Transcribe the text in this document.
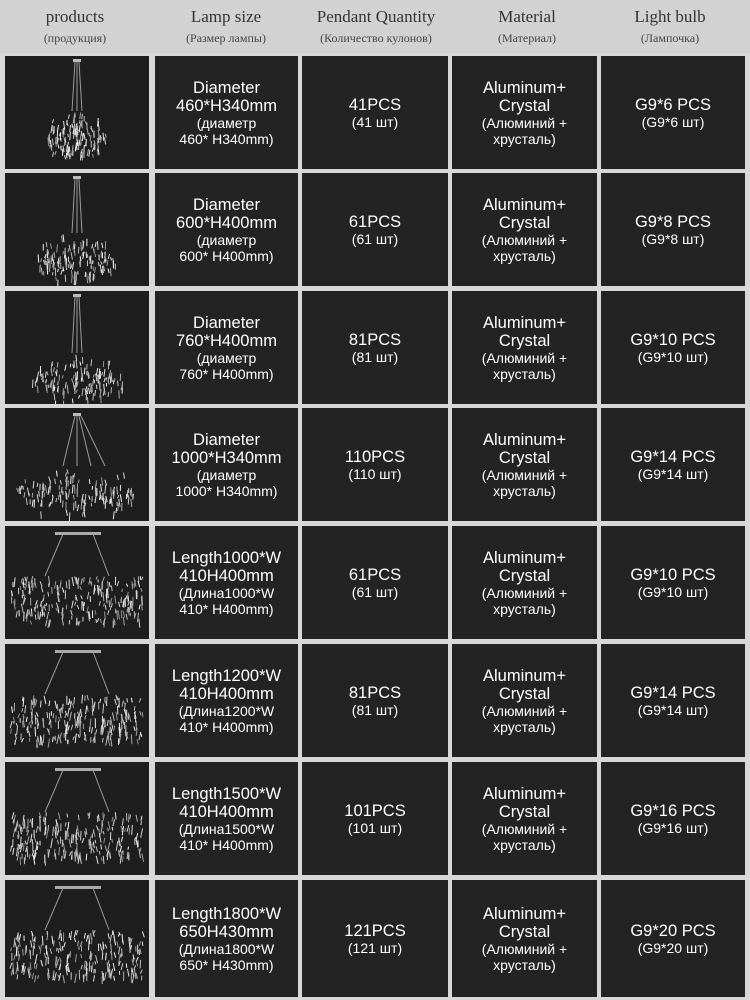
products
(продукция)
Lamp size
(Размер лампы)
Pendant Quantity
(Количество кулонов)
Material
(Материал)
Light bulb
(Лампочка)
Diameter
460*H340mm
(диаметр
460* H340mm)
41PCS
(41 шт)
Aluminum+
Crystal
(Алюминий +
хрусталь)
G9*6 PCS
(G9*6 шт)
Diameter
600*H400mm
(диаметр
600* H400mm)
61PCS
(61 шт)
Aluminum+
Crystal
(Алюминий +
хрусталь)
G9*8 PCS
(G9*8 шт)
Diameter
760*H400mm
(диаметр
760* H400mm)
81PCS
(81 шт)
Aluminum+
Crystal
(Алюминий +
хрусталь)
G9*10 PCS
(G9*10 шт)
Diameter
1000*H340mm
(диаметр
1000* H340mm)
110PCS
(110 шт)
Aluminum+
Crystal
(Алюминий +
хрусталь)
G9*14 PCS
(G9*14 шт)
Length1000*W
410H400mm
(Длина1000*W
410* H400mm)
61PCS
(61 шт)
Aluminum+
Crystal
(Алюминий +
хрусталь)
G9*10 PCS
(G9*10 шт)
Length1200*W
410H400mm
(Длина1200*W
410* H400mm)
81PCS
(81 шт)
Aluminum+
Crystal
(Алюминий +
хрусталь)
G9*14 PCS
(G9*14 шт)
Length1500*W
410H400mm
(Длина1500*W
410* H400mm)
101PCS
(101 шт)
Aluminum+
Crystal
(Алюминий +
хрусталь)
G9*16 PCS
(G9*16 шт)
Length1800*W
650H430mm
(Длина1800*W
650* H430mm)
121PCS
(121 шт)
Aluminum+
Crystal
(Алюминий +
хрусталь)
G9*20 PCS
(G9*20 шт)
